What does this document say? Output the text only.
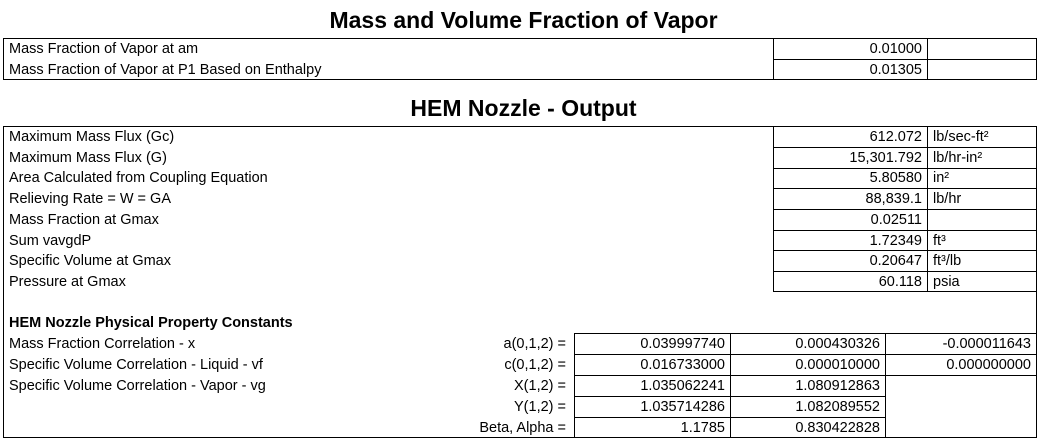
Mass and Volume Fraction of Vapor
Mass Fraction of Vapor at am	0.01000
Mass Fraction of Vapor at P1 Based on Enthalpy	0.01305
HEM Nozzle - Output
Maximum Mass Flux (Gc)	612.072 lb/sec-ft²
Maximum Mass Flux (G)	15,301.792 lb/hr-in²
Area Calculated from Coupling Equation	5.80580 in²
Relieving Rate = W = GA	88,839.1 lb/hr
Mass Fraction at Gmax	0.02511
Sum vavgdP	1.72349 ft³
Specific Volume at Gmax	0.20647 ft³/lb
Pressure at Gmax	60.118 psia
HEM Nozzle Physical Property Constants
Mass Fraction Correlation - x	a(0,1,2) =	0.039997740	0.000430326	-0.000011643
Specific Volume Correlation - Liquid - vf	c(0,1,2) =	0.016733000	0.000010000	0.000000000
Specific Volume Correlation - Vapor - vg	X(1,2) =	1.035062241	1.080912863
Y(1,2) =	1.035714286	1.082089552
Beta, Alpha =	1.1785	0.830422828
